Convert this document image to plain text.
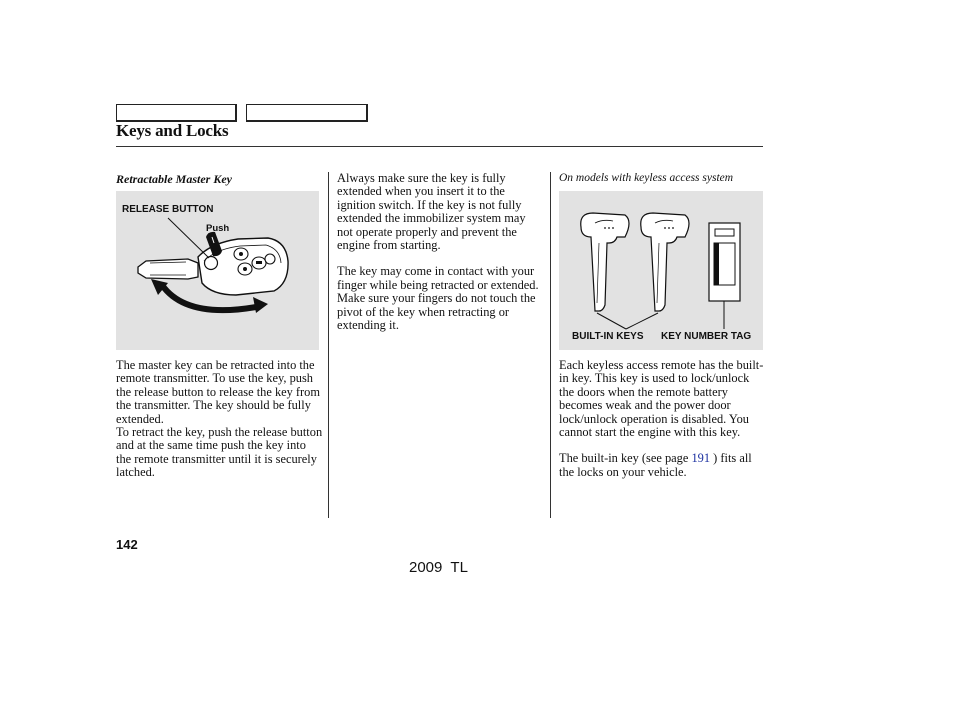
Keys and Locks
Retractable Master Key
RELEASE BUTTON
Push

The master key can be retracted into the remote transmitter. To use the key, push the release button to release the key from the transmitter. The key should be fully extended.

To retract the key, push the release button and at the same time push the key into the remote transmitter until it is securely latched.

Always make sure the key is fully extended when you insert it to the ignition switch. If the key is not fully extended the immobilizer system may not operate properly and prevent the engine from starting.

The key may come in contact with your finger while being retracted or extended. Make sure your fingers do not touch the pivot of the key when retracting or extending it.

On models with keyless access system
BUILT-IN KEYS KEY NUMBER TAG

Each keyless access remote has the built-in key. This key is used to lock/unlock the doors when the remote battery becomes weak and the power door lock/unlock operation is disabled. You cannot start the engine with this key.

The built-in key (see page 191 ) fits all the locks on your vehicle.

142
2009  TL
